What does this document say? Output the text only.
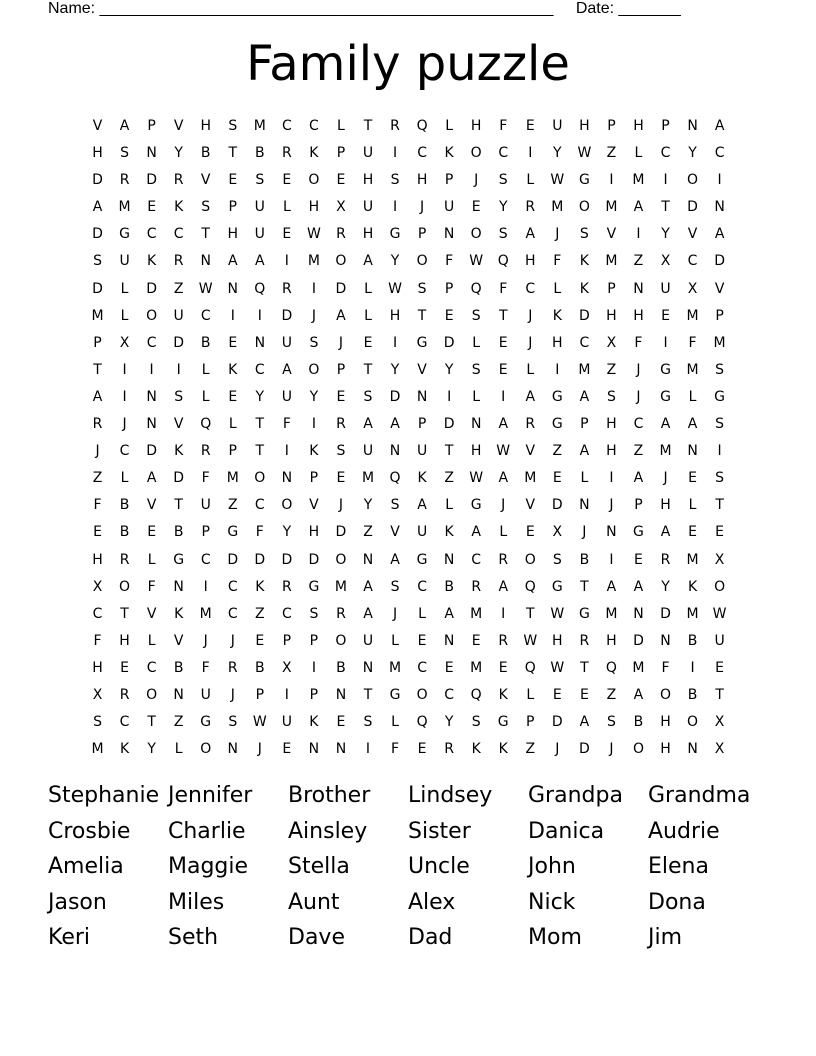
Name: ___________________________________________________ Date: _______
Family puzzle
V	A	P	V	H	S	M	C	C	L	T	R	Q	L	H	F	E	U	H	P	H	P	N	A
H	S	N	Y	B	T	B	R	K	P	U	I	C	K	O	C	I	Y	W	Z	L	C	Y	C
D	R	D	R	V	E	S	E	O	E	H	S	H	P	J	S	L	W	G	I	M	I	O	I
A	M	E	K	S	P	U	L	H	X	U	I	J	U	E	Y	R	M	O	M	A	T	D	N
D	G	C	C	T	H	U	E	W	R	H	G	P	N	O	S	A	J	S	V	I	Y	V	A
S	U	K	R	N	A	A	I	M	O	A	Y	O	F	W	Q	H	F	K	M	Z	X	C	D
D	L	D	Z	W	N	Q	R	I	D	L	W	S	P	Q	F	C	L	K	P	N	U	X	V
M	L	O	U	C	I	I	D	J	A	L	H	T	E	S	T	J	K	D	H	H	E	M	P
P	X	C	D	B	E	N	U	S	J	E	I	G	D	L	E	J	H	C	X	F	I	F	M
T	I	I	I	L	K	C	A	O	P	T	Y	V	Y	S	E	L	I	M	Z	J	G	M	S
A	I	N	S	L	E	Y	U	Y	E	S	D	N	I	L	I	A	G	A	S	J	G	L	G
R	J	N	V	Q	L	T	F	I	R	A	A	P	D	N	A	R	G	P	H	C	A	A	S
J	C	D	K	R	P	T	I	K	S	U	N	U	T	H	W	V	Z	A	H	Z	M	N	I
Z	L	A	D	F	M	O	N	P	E	M	Q	K	Z	W	A	M	E	L	I	A	J	E	S
F	B	V	T	U	Z	C	O	V	J	Y	S	A	L	G	J	V	D	N	J	P	H	L	T
E	B	E	B	P	G	F	Y	H	D	Z	V	U	K	A	L	E	X	J	N	G	A	E	E
H	R	L	G	C	D	D	D	D	O	N	A	G	N	C	R	O	S	B	I	E	R	M	X
X	O	F	N	I	C	K	R	G	M	A	S	C	B	R	A	Q	G	T	A	A	Y	K	O
C	T	V	K	M	C	Z	C	S	R	A	J	L	A	M	I	T	W	G	M	N	D	M	W
F	H	L	V	J	J	E	P	P	O	U	L	E	N	E	R	W	H	R	H	D	N	B	U
H	E	C	B	F	R	B	X	I	B	N	M	C	E	M	E	Q	W	T	Q	M	F	I	E
X	R	O	N	U	J	P	I	P	N	T	G	O	C	Q	K	L	E	E	Z	A	O	B	T
S	C	T	Z	G	S	W	U	K	E	S	L	Q	Y	S	G	P	D	A	S	B	H	O	X
M	K	Y	L	O	N	J	E	N	N	I	F	E	R	K	K	Z	J	D	J	O	H	N	X
Stephanie Jennifer	Brother	Lindsey	Grandpa	Grandma
Crosbie	Charlie	Ainsley	Sister	Danica	Audrie
Amelia	Maggie	Stella	Uncle	John	Elena
Jason	Miles	Aunt	Alex	Nick	Dona
Keri	Seth	Dave	Dad	Mom	Jim
